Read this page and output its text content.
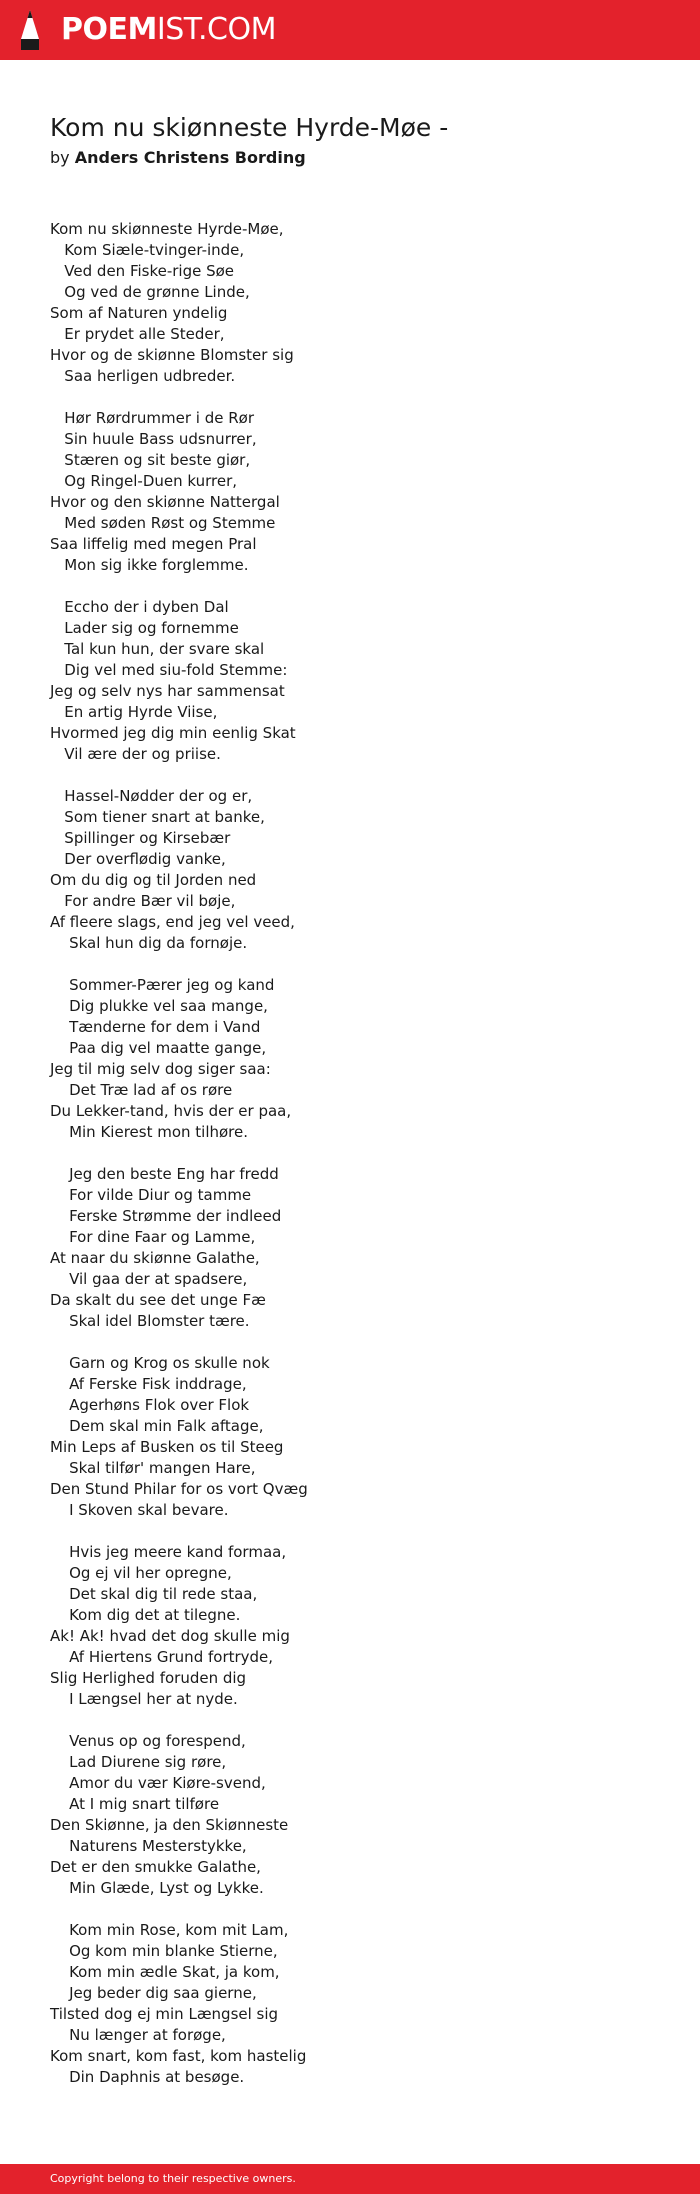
POEMIST.COM
Kom nu skiønneste Hyrde-Møe -
by Anders Christens Bording
Kom nu skiønneste Hyrde-Møe,
Kom Siæle-tvinger-inde,
Ved den Fiske-rige Søe
Og ved de grønne Linde,
Som af Naturen yndelig
Er prydet alle Steder,
Hvor og de skiønne Blomster sig
Saa herligen udbreder.
Hør Rørdrummer i de Rør
Sin huule Bass udsnurrer,
Stæren og sit beste giør,
Og Ringel-Duen kurrer,
Hvor og den skiønne Nattergal
Med søden Røst og Stemme
Saa liffelig med megen Pral
Mon sig ikke forglemme.
Eccho der i dyben Dal
Lader sig og fornemme
Tal kun hun, der svare skal
Dig vel med siu-fold Stemme:
Jeg og selv nys har sammensat
En artig Hyrde Viise,
Hvormed jeg dig min eenlig Skat
Vil ære der og priise.
Hassel-Nødder der og er,
Som tiener snart at banke,
Spillinger og Kirsebær
Der overflødig vanke,
Om du dig og til Jorden ned
For andre Bær vil bøje,
Af fleere slags, end jeg vel veed,
Skal hun dig da fornøje.
Sommer-Pærer jeg og kand
Dig plukke vel saa mange,
Tænderne for dem i Vand
Paa dig vel maatte gange,
Jeg til mig selv dog siger saa:
Det Træ lad af os røre
Du Lekker-tand, hvis der er paa,
Min Kierest mon tilhøre.
Jeg den beste Eng har fredd
For vilde Diur og tamme
Ferske Strømme der indleed
For dine Faar og Lamme,
At naar du skiønne Galathe,
Vil gaa der at spadsere,
Da skalt du see det unge Fæ
Skal idel Blomster tære.
Garn og Krog os skulle nok
Af Ferske Fisk inddrage,
Agerhøns Flok over Flok
Dem skal min Falk aftage,
Min Leps af Busken os til Steeg
Skal tilfør' mangen Hare,
Den Stund Philar for os vort Qvæg
I Skoven skal bevare.
Hvis jeg meere kand formaa,
Og ej vil her opregne,
Det skal dig til rede staa,
Kom dig det at tilegne.
Ak! Ak! hvad det dog skulle mig
Af Hiertens Grund fortryde,
Slig Herlighed foruden dig
I Længsel her at nyde.
Venus op og forespend,
Lad Diurene sig røre,
Amor du vær Kiøre-svend,
At I mig snart tilføre
Den Skiønne, ja den Skiønneste
Naturens Mesterstykke,
Det er den smukke Galathe,
Min Glæde, Lyst og Lykke.
Kom min Rose, kom mit Lam,
Og kom min blanke Stierne,
Kom min ædle Skat, ja kom,
Jeg beder dig saa gierne,
Tilsted dog ej min Længsel sig
Nu længer at forøge,
Kom snart, kom fast, kom hastelig
Din Daphnis at besøge.
Copyright belong to their respective owners.
